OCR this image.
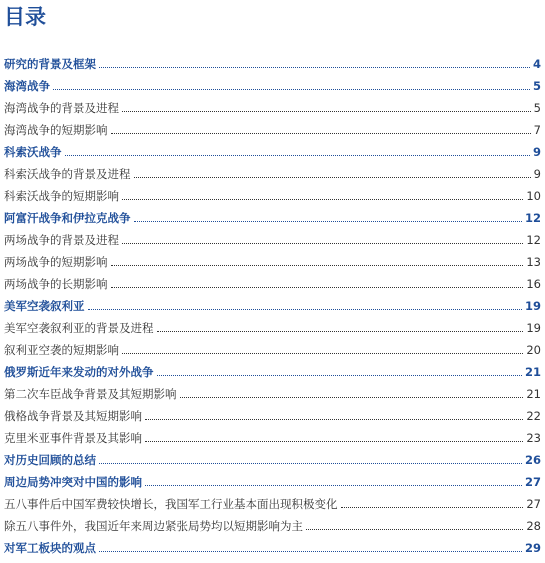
目录
研究的背景及框架	4
海湾战争	5
海湾战争的背景及进程	5
海湾战争的短期影响	7
科索沃战争	9
科索沃战争的背景及进程	9
科索沃战争的短期影响	10
阿富汗战争和伊拉克战争	12
两场战争的背景及进程	12
两场战争的短期影响	13
两场战争的长期影响	16
美军空袭叙利亚	19
美军空袭叙利亚的背景及进程	19
叙利亚空袭的短期影响	20
俄罗斯近年来发动的对外战争	21
第二次车臣战争背景及其短期影响	21
俄格战争背景及其短期影响	22
克里米亚事件背景及其影响	23
对历史回顾的总结	26
周边局势冲突对中国的影响	27
五八事件后中国军费较快增长，我国军工行业基本面出现积极变化	27
除五八事件外，我国近年来周边紧张局势均以短期影响为主	28
对军工板块的观点	29
